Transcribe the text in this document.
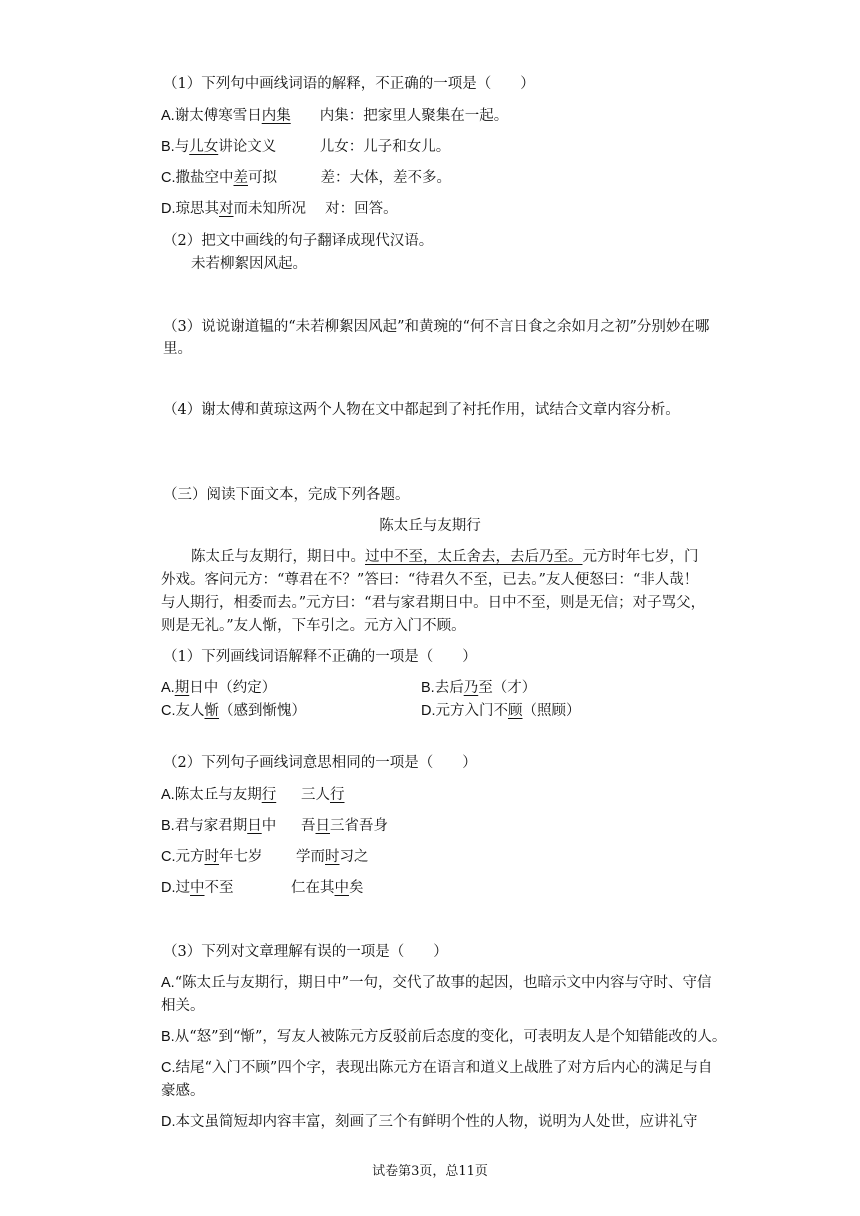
（1）下列句中画线词语的解释，不正确的一项是（　　）
A.谢太傅寒雪日内集　　内集：把家里人聚集在一起。
B.与儿女讲论文义　　　儿女：儿子和女儿。
C.撒盐空中差可拟　　　差：大体，差不多。
D.琼思其对而未知所况　 对：回答。
（2）把文中画线的句子翻译成现代汉语。
未若柳絮因风起。
（3）说说谢道韫的“未若柳絮因风起”和黄琬的“何不言日食之余如月之初”分别妙在哪
里。
（4）谢太傅和黄琼这两个人物在文中都起到了衬托作用，试结合文章内容分析。
（三）阅读下面文本，完成下列各题。
陈太丘与友期行
陈太丘与友期行，期日中。过中不至，太丘舍去，去后乃至。元方时年七岁，门
外戏。客问元方：“尊君在不？”答曰：“待君久不至，已去。”友人便怒曰：“非人哉！
与人期行，相委而去。”元方曰：“君与家君期日中。日中不至，则是无信；对子骂父，
则是无礼。”友人惭，下车引之。元方入门不顾。
（1）下列画线词语解释不正确的一项是（　　）
A.期日中（约定）	B.去后乃至（才）
C.友人惭（感到惭愧）	D.元方入门不顾（照顾）
（2）下列句子画线词意思相同的一项是（　　）
A.陈太丘与友期行 三人行
B.君与家君期日中 吾日三省吾身
C.元方时年七岁 学而时习之
D.过中不至	仁在其中矣
（3）下列对文章理解有误的一项是（　　）
A.“陈太丘与友期行，期日中”一句，交代了故事的起因，也暗示文中内容与守时、守信
相关。
B.从“怒”到“惭”，写友人被陈元方反驳前后态度的变化，可表明友人是个知错能改的人。
C.结尾“入门不顾”四个字，表现出陈元方在语言和道义上战胜了对方后内心的满足与自
豪感。
D.本文虽简短却内容丰富，刻画了三个有鲜明个性的人物，说明为人处世，应讲礼守
试卷第3页，总11页
